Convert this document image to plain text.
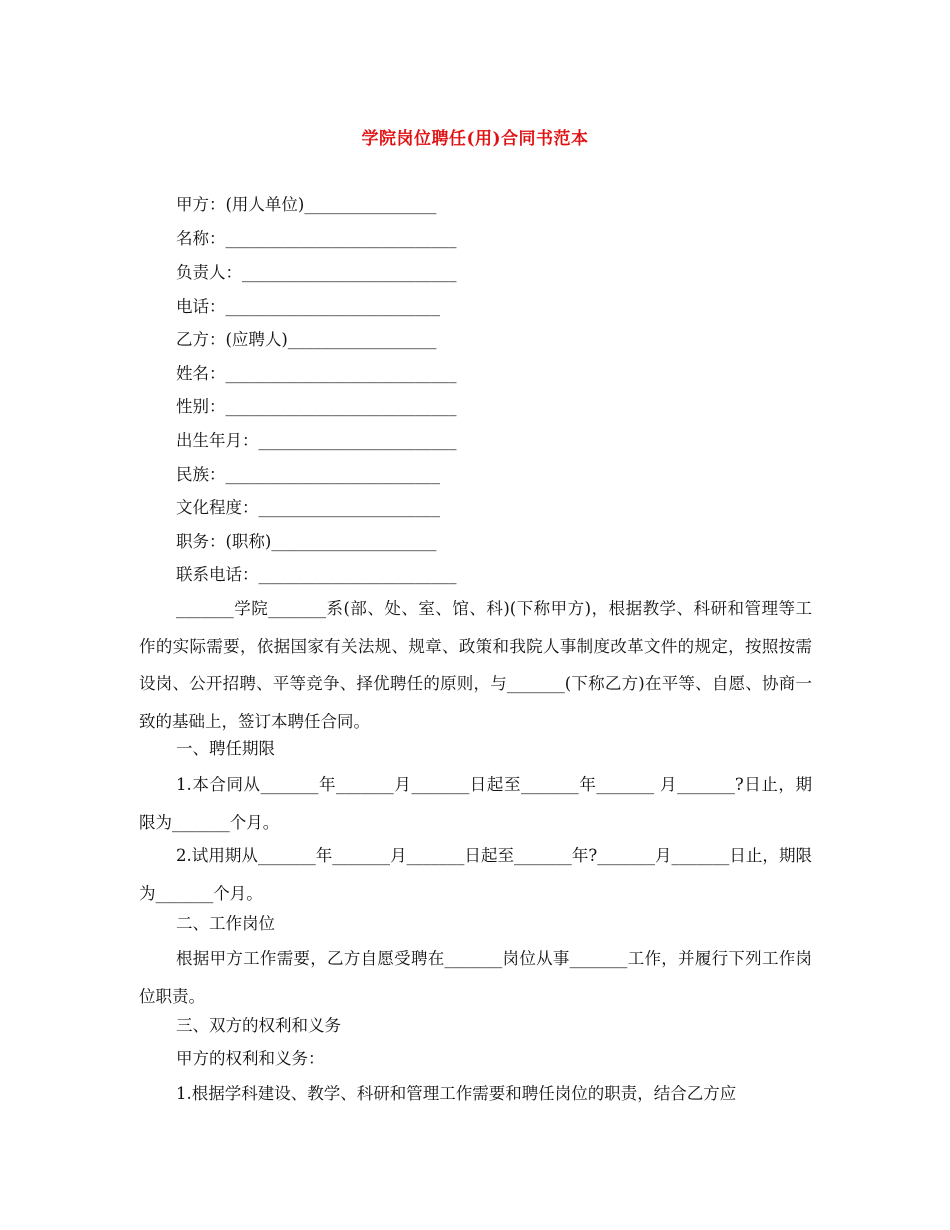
学院岗位聘任(用)合同书范本
甲方：(用人单位)________________
名称：____________________________
负责人：__________________________
电话：__________________________
乙方：(应聘人)__________________
姓名：____________________________
性别：____________________________
出生年月：________________________
民族：__________________________
文化程度：______________________
职务：(职称)____________________
联系电话：________________________
_______学院_______系(部、处、室、馆、科)(下称甲方)，根据教学、科研和管理等工作的实际需要，依据国家有关法规、规章、政策和我院人事制度改革文件的规定，按照按需设岗、公开招聘、平等竞争、择优聘任的原则，与_______(下称乙方)在平等、自愿、协商一致的基础上，签订本聘任合同。
一、聘任期限
1.本合同从_______年_______月_______日起至_______年_______ 月_______?日止，期限为_______个月。
2.试用期从_______年_______月_______日起至_______年?_______月_______日止，期限为_______个月。
二、工作岗位
根据甲方工作需要，乙方自愿受聘在_______岗位从事_______工作，并履行下列工作岗位职责。
三、双方的权利和义务
甲方的权利和义务：
1.根据学科建设、教学、科研和管理工作需要和聘任岗位的职责，结合乙方应
